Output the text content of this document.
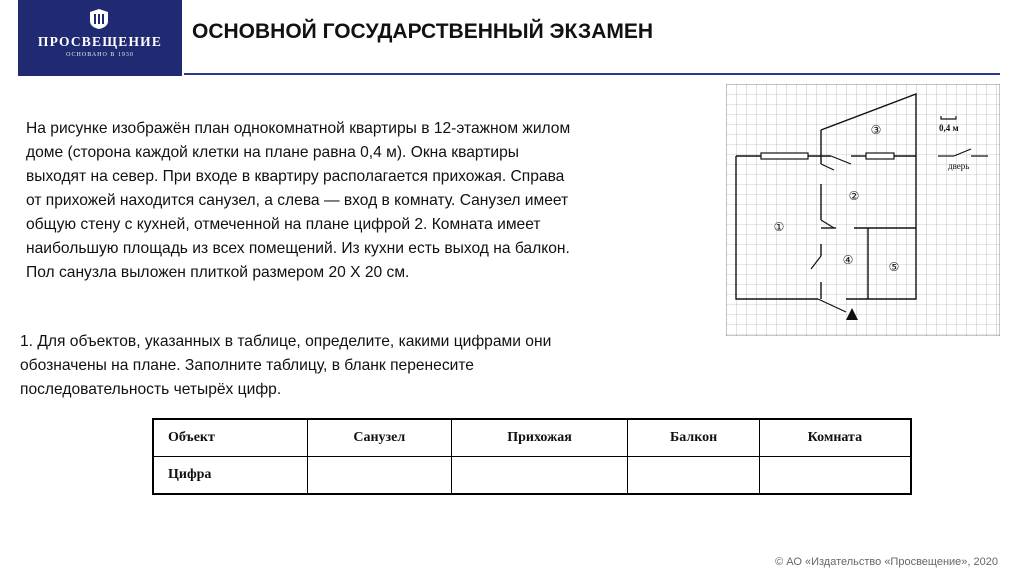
ПРОСВЕЩЕНИЕ
ОСНОВАНО В 1930
ОСНОВНОЙ ГОСУДАРСТВЕННЫЙ ЭКЗАМЕН
На рисунке изображён план однокомнатной квартиры в 12-этажном жилом
доме (сторона каждой клетки на плане равна 0,4 м). Окна квартиры
выходят на север. При входе в квартиру располагается прихожая. Справа
от прихожей находится санузел, а слева — вход в комнату. Санузел имеет
общую стену с кухней, отмеченной на плане цифрой 2. Комната имеет
наибольшую площадь из всех помещений. Из кухни есть выход на балкон.
Пол санузла выложен плиткой размером 20 Х 20 см.
1. Для объектов, указанных в таблице, определите, какими цифрами они
обозначены на плане. Заполните таблицу, в бланк перенесите
последовательность четырёх цифр.
①
②
③
④	⑤
0,4 м
дверь
Объект	Санузел	Прихожая	Балкон	Комната
Цифра				
© АО «Издательство «Просвещение», 2020
